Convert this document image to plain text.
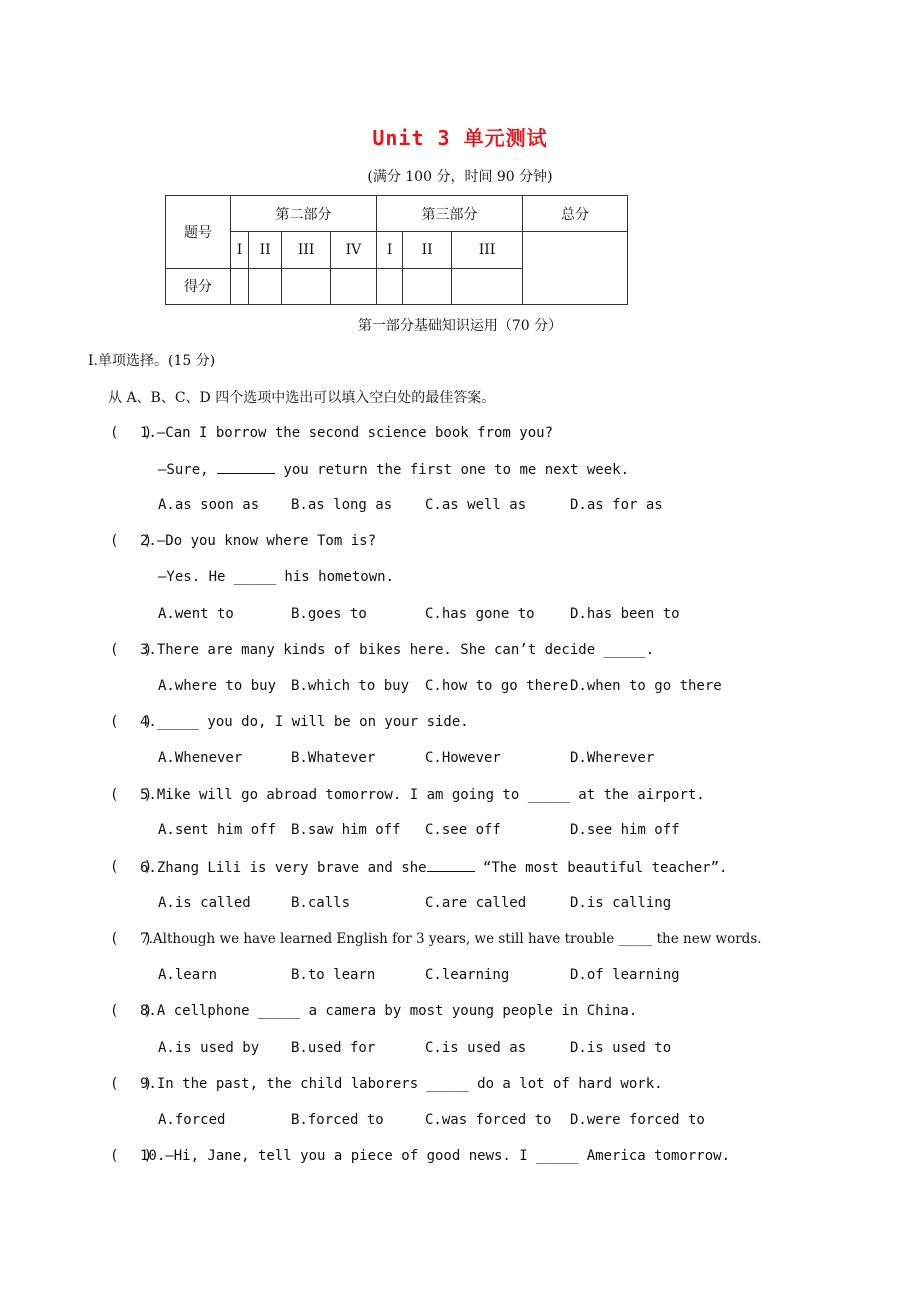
Unit 3 单元测试
(满分 100 分，时间 90 分钟)
题号	第二部分				第三部分			总分
	I	II	III	IV	I	II	III	
得分								
第一部分基础知识运用（70 分）
Ⅰ.单项选择。(15 分)
从 A、B、C、D 四个选项中选出可以填入空白处的最佳答案。
(   )
1.—Can I borrow the second science book from you?
—Sure,	you return the first one to me next week.
A.as soon as B.as long as C.as well as	D.as for as
(   )
2.—Do you know where Tom is?
—Yes. He _____ his hometown.
A.went to	B.goes to	C.has gone to	D.has been to
(   )
3.There are many kinds of bikes here. She can’t decide _____.
A.where to buy B.which to buy C.how to go there D.when to go there
(   )
4._____ you do, I will be on your side.
A.Whenever	B.Whatever	C.However	D.Wherever
(   )
5.Mike will go abroad tomorrow. I am going to _____ at the airport.
A.sent him off B.saw him off C.see off	D.see him off
(   )
6.Zhang Lili is very brave and she	“The most beautiful teacher”.
A.is called	B.calls	C.are called	D.is calling
(   )
7.Although we have learned English for 3 years, we still have trouble _____ the new words.
A.learn	B.to learn	C.learning	D.of learning
(   )
8.A cellphone _____ a camera by most young people in China.
A.is used by B.used for	C.is used as	D.is used to
(   )
9.In the past, the child laborers _____ do a lot of hard work.
A.forced	B.forced to	C.was forced to D.were forced to
(   )
10.—Hi, Jane, tell you a piece of good news. I _____ America tomorrow.
